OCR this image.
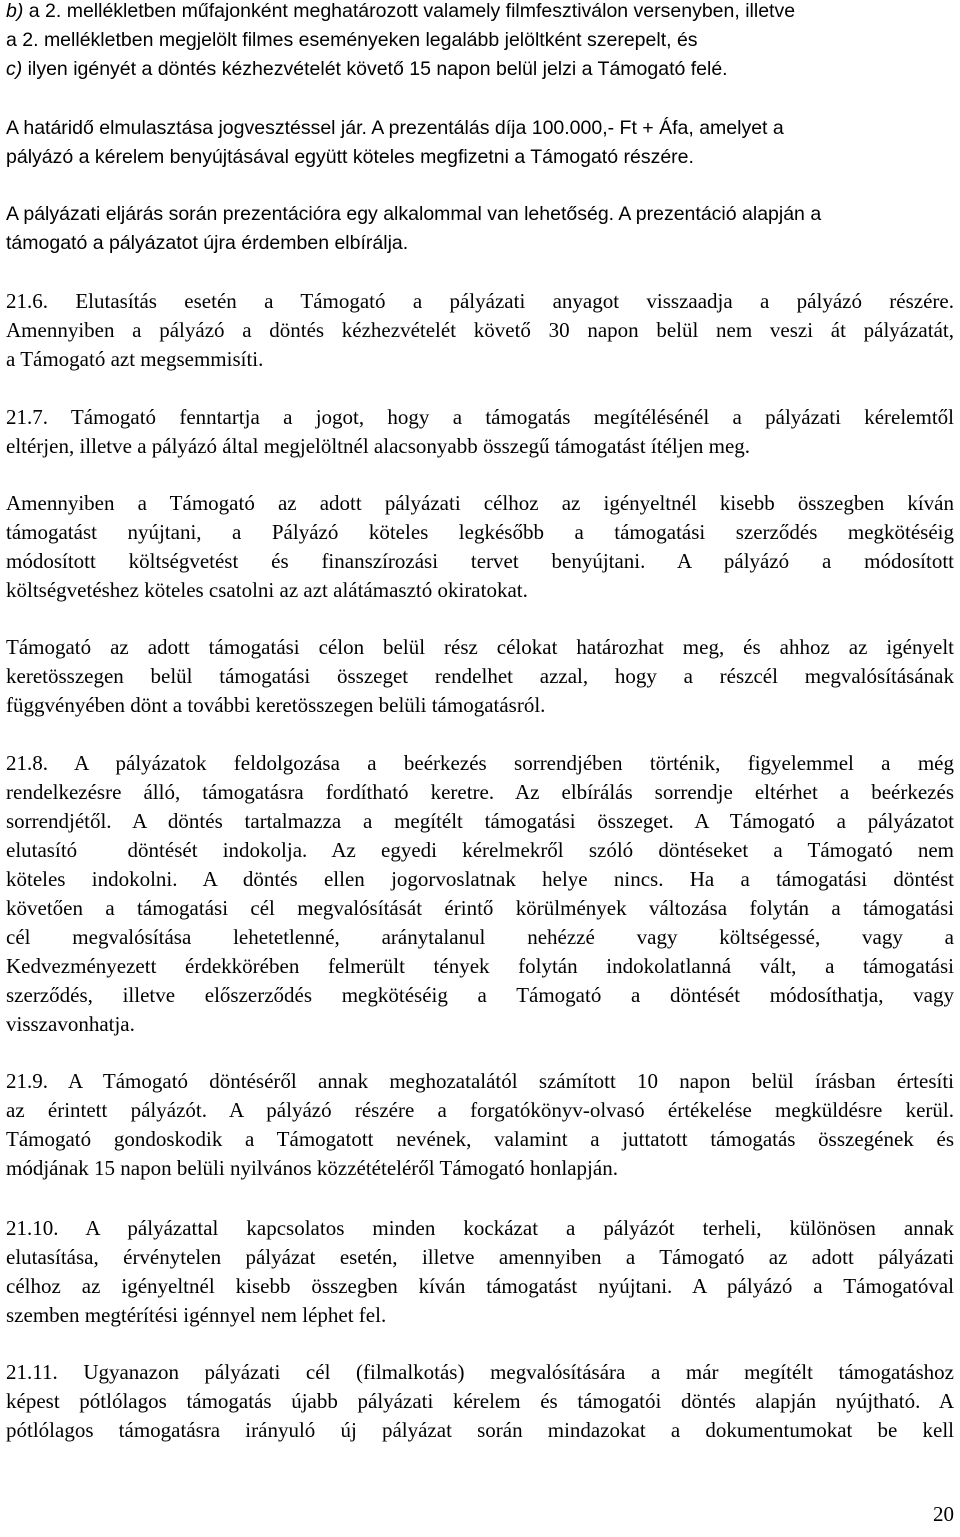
b) a 2. mellékletben műfajonként meghatározott valamely filmfesztiválon versenyben, illetve
a 2. mellékletben megjelölt filmes eseményeken legalább jelöltként szerepelt, és
c) ilyen igényét a döntés kézhezvételét követő 15 napon belül jelzi a Támogató felé.
A határidő elmulasztása jogvesztéssel jár. A prezentálás díja 100.000,- Ft + Áfa, amelyet a
pályázó a kérelem benyújtásával együtt köteles megfizetni a Támogató részére.
A pályázati eljárás során prezentációra egy alkalommal van lehetőség. A prezentáció alapján a
támogató a pályázatot újra érdemben elbírálja.
21.6. Elutasítás esetén a Támogató a pályázati anyagot visszaadja a pályázó részére.
Amennyiben a pályázó a döntés kézhezvételét követő 30 napon belül nem veszi át pályázatát,
a Támogató azt megsemmisíti.
21.7. Támogató fenntartja a jogot, hogy a támogatás megítélésénél a pályázati kérelemtől
eltérjen, illetve a pályázó által megjelöltnél alacsonyabb összegű támogatást ítéljen meg.
Amennyiben a Támogató az adott pályázati célhoz az igényeltnél kisebb összegben kíván
támogatást nyújtani, a Pályázó köteles legkésőbb a támogatási szerződés megkötéséig
módosított költségvetést és finanszírozási tervet benyújtani. A pályázó a módosított
költségvetéshez köteles csatolni az azt alátámasztó okiratokat.
Támogató az adott támogatási célon belül rész célokat határozhat meg, és ahhoz az igényelt
keretösszegen belül támogatási összeget rendelhet azzal, hogy a részcél megvalósításának
függvényében dönt a további keretösszegen belüli támogatásról.
21.8. A pályázatok feldolgozása a beérkezés sorrendjében történik, figyelemmel a még
rendelkezésre álló, támogatásra fordítható keretre. Az elbírálás sorrendje eltérhet a beérkezés
sorrendjétől. A döntés tartalmazza a megítélt támogatási összeget. A Támogató a pályázatot
elutasító  döntését indokolja. Az egyedi kérelmekről szóló döntéseket a Támogató nem
köteles indokolni. A döntés ellen jogorvoslatnak helye nincs. Ha a támogatási döntést
követően a támogatási cél megvalósítását érintő körülmények változása folytán a támogatási
cél megvalósítása lehetetlenné, aránytalanul nehézzé vagy költségessé, vagy a
Kedvezményezett érdekkörében felmerült tények folytán indokolatlanná vált, a támogatási
szerződés, illetve előszerződés megkötéséig a Támogató a döntését módosíthatja, vagy
visszavonhatja.
21.9. A Támogató döntéséről annak meghozatalától számított 10 napon belül írásban értesíti
az érintett pályázót. A pályázó részére a forgatókönyv-olvasó értékelése megküldésre kerül.
Támogató gondoskodik a Támogatott nevének, valamint a juttatott támogatás összegének és
módjának 15 napon belüli nyilvános közzétételéről Támogató honlapján.
21.10. A pályázattal kapcsolatos minden kockázat a pályázót terheli, különösen annak
elutasítása, érvénytelen pályázat esetén, illetve amennyiben a Támogató az adott pályázati
célhoz az igényeltnél kisebb összegben kíván támogatást nyújtani. A pályázó a Támogatóval
szemben megtérítési igénnyel nem léphet fel.
21.11. Ugyanazon pályázati cél (filmalkotás) megvalósítására a már megítélt támogatáshoz
képest pótlólagos támogatás újabb pályázati kérelem és támogatói döntés alapján nyújtható. A
pótlólagos támogatásra irányuló új pályázat során mindazokat a dokumentumokat be kell
20
